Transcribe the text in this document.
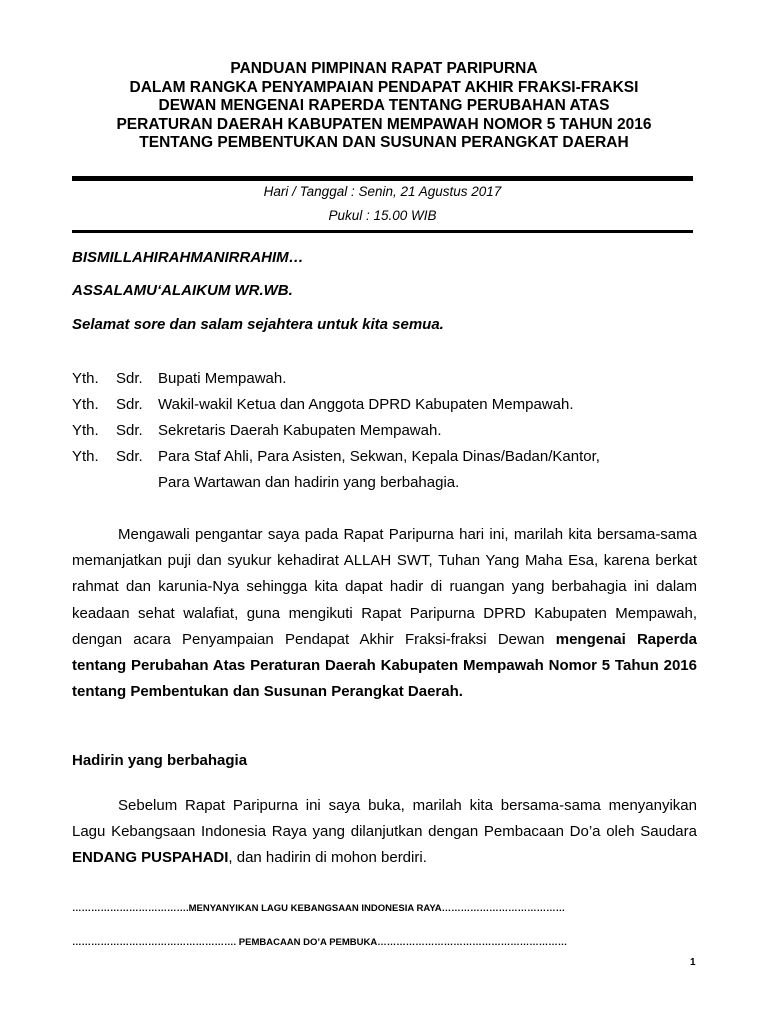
PANDUAN PIMPINAN RAPAT PARIPURNA
DALAM RANGKA PENYAMPAIAN PENDAPAT AKHIR FRAKSI-FRAKSI
DEWAN MENGENAI RAPERDA TENTANG PERUBAHAN ATAS
PERATURAN DAERAH KABUPATEN MEMPAWAH NOMOR 5 TAHUN 2016
TENTANG PEMBENTUKAN DAN SUSUNAN PERANGKAT DAERAH
Hari / Tanggal : Senin, 21 Agustus 2017
Pukul : 15.00 WIB
BISMILLAHIRAHMANIRRAHIM…
ASSALAMU‘ALAIKUM WR.WB.
Selamat sore dan salam sejahtera untuk kita semua.
Yth. Sdr. Bupati Mempawah.
Yth. Sdr. Wakil-wakil Ketua dan Anggota DPRD Kabupaten Mempawah.
Yth. Sdr. Sekretaris Daerah Kabupaten Mempawah.
Yth. Sdr. Para Staf Ahli, Para Asisten, Sekwan, Kepala Dinas/Badan/Kantor,
Para Wartawan dan hadirin yang berbahagia.
Mengawali pengantar saya pada Rapat Paripurna hari ini, marilah kita bersama-sama memanjatkan puji dan syukur kehadirat ALLAH SWT, Tuhan Yang Maha Esa, karena berkat rahmat dan karunia-Nya sehingga kita dapat hadir di ruangan yang berbahagia ini dalam keadaan sehat walafiat, guna mengikuti Rapat Paripurna DPRD Kabupaten Mempawah, dengan acara Penyampaian Pendapat Akhir Fraksi-fraksi Dewan mengenai Raperda tentang Perubahan Atas Peraturan Daerah Kabupaten Mempawah Nomor 5 Tahun 2016 tentang Pembentukan dan Susunan Perangkat Daerah.
Hadirin yang berbahagia
Sebelum Rapat Paripurna ini saya buka, marilah kita bersama-sama menyanyikan Lagu Kebangsaan Indonesia Raya yang dilanjutkan dengan Pembacaan Do’a oleh Saudara ENDANG PUSPAHADI, dan hadirin di mohon berdiri.
……………………………….MENYANYIKAN LAGU KEBANGSAAN INDONESIA RAYA…………………………………
……………………………………………. PEMBACAAN DO’A PEMBUKA……………………………………………………
1
